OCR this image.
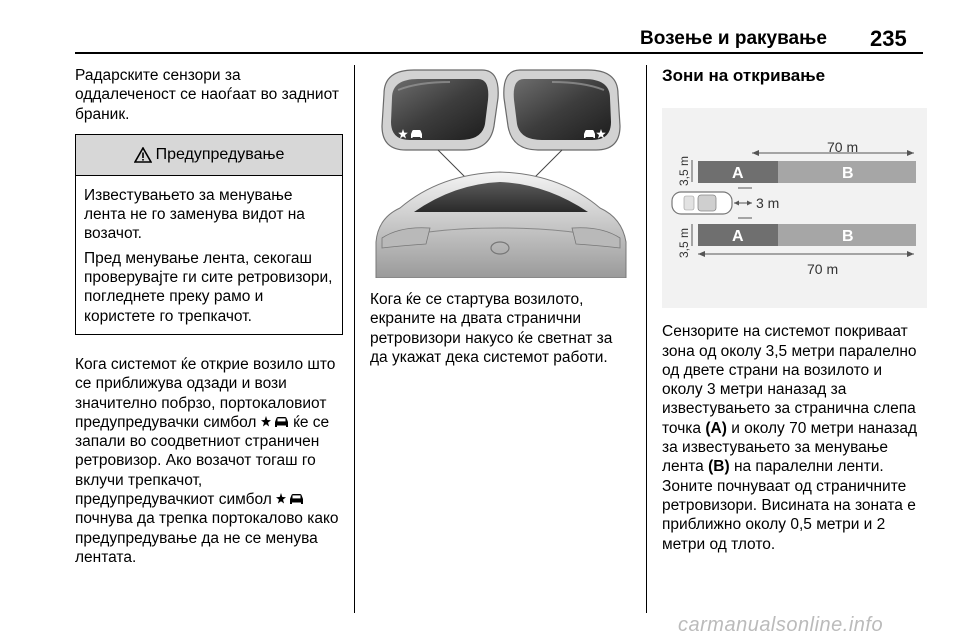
Возење и ракување	235

Радарските сензори за оддалеченост се наоѓаат во задниот браник.

Предупредување

Известувањето за менување лента не го заменува видот на возачот.

Пред менување лента, секогаш проверувајте ги сите ретровизори, погледнете преку рамо и користете го трепкачот.

Кога системот ќе открие возило што се приближува одзади и вози значително побрзо, портокаловиот предупредувачки симбол ќе се запали во соодветниот страничен ретровизор. Ако возачот тогаш го вклучи трепкачот, предупредувачкиот симбол  почнува да трепка портокалово како предупредување да не се менува лентата.

Кога ќе се стартува возилото, екраните на двата странични ретровизори накусо ќе светнат за да укажат дека системот работи.

Зони на откривање

Сензорите на системот покриваат зона од околу 3,5 метри паралелно од двете страни на возилото и околу 3 метри наназад за известувањето за странична слепа точка (A) и околу 70 метри наназад за известувањето за менување лента (B) на паралелни ленти. Зоните почнуваат од страничните ретровизори. Висината на зоната е приближно околу 0,5 метри и 2 метри од тлото.

70 m
3,5 m
3,5 m
A	B
3 m
A	B
70 m
carmanualsonline.info
